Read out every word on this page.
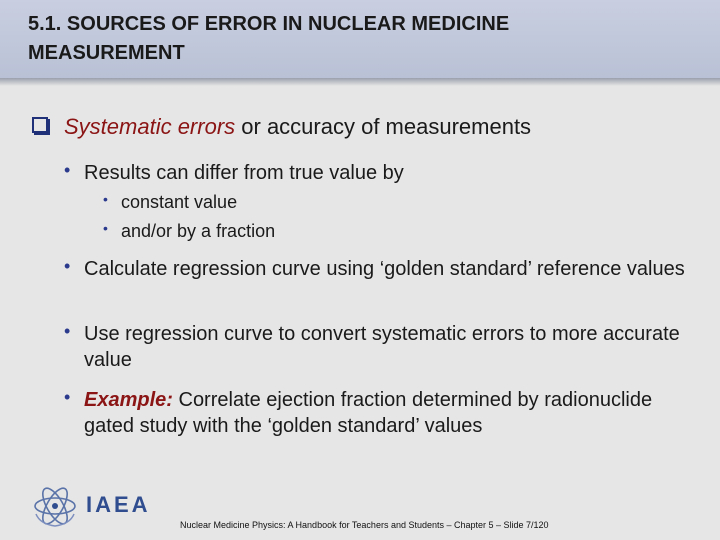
5.1. SOURCES OF ERROR IN NUCLEAR MEDICINE
MEASUREMENT
Systematic errors or accuracy of measurements
• Results can differ from true value by
• constant value
• and/or by a fraction
• Calculate regression curve using ‘golden standard’ reference values
• Use regression curve to convert systematic errors to more accurate value
• Example: Correlate ejection fraction determined by radionuclide gated study with the ‘golden standard’ values
IAEA
Nuclear Medicine Physics: A Handbook for Teachers and Students – Chapter 5 – Slide 7/120
